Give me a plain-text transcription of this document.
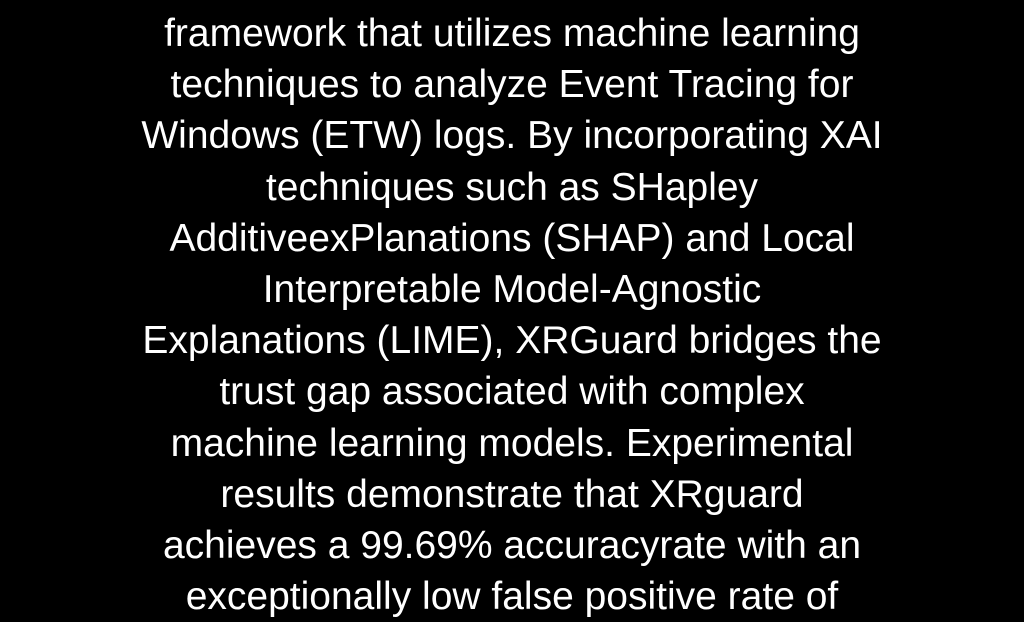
framework that utilizes machine learning
techniques to analyze Event Tracing for
Windows (ETW) logs. By incorporating XAI
techniques such as SHapley
AdditiveexPlanations (SHAP) and Local
Interpretable Model-Agnostic
Explanations (LIME), XRGuard bridges the
trust gap associated with complex
machine learning models. Experimental
results demonstrate that XRguard
achieves a 99.69% accuracyrate with an
exceptionally low false positive rate of
